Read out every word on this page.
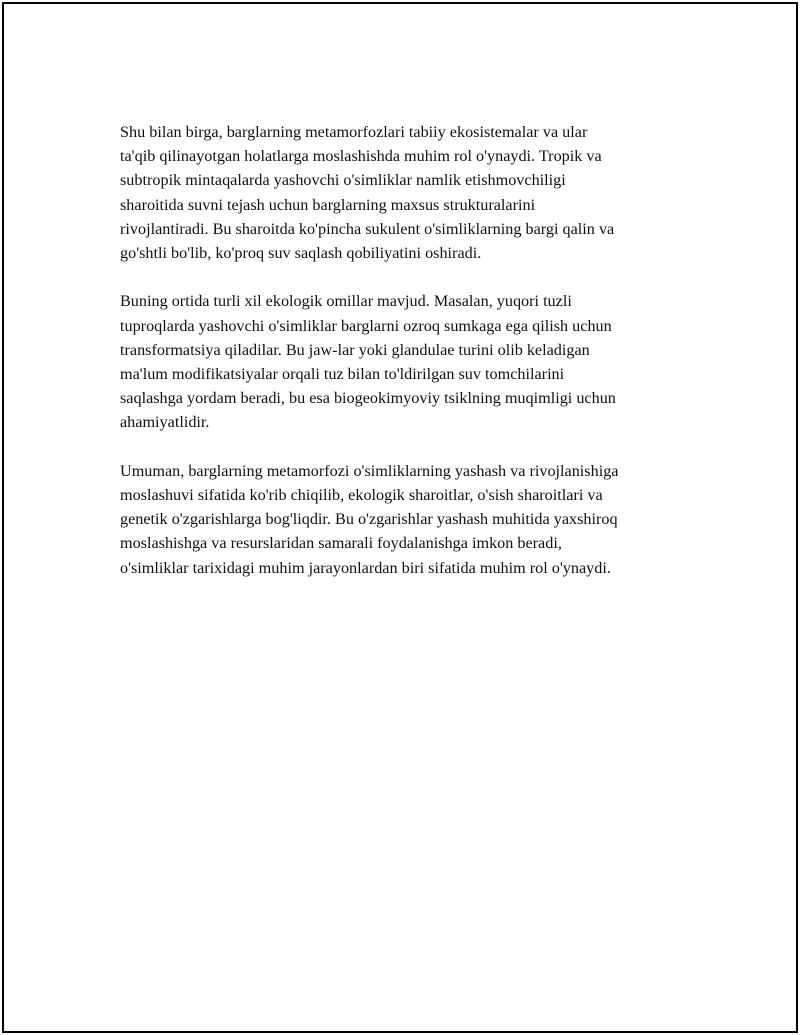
Shu bilan birga, barglarning metamorfozlari tabiiy ekosistemalar va ular
ta'qib qilinayotgan holatlarga moslashishda muhim rol o'ynaydi. Tropik va
subtropik mintaqalarda yashovchi o'simliklar namlik etishmovchiligi
sharoitida suvni tejash uchun barglarning maxsus strukturalarini
rivojlantiradi. Bu sharoitda ko'pincha sukulent o'simliklarning bargi qalin va
go'shtli bo'lib, ko'proq suv saqlash qobiliyatini oshiradi.

Buning ortida turli xil ekologik omillar mavjud. Masalan, yuqori tuzli
tuproqlarda yashovchi o'simliklar barglarni ozroq sumkaga ega qilish uchun
transformatsiya qiladilar. Bu jaw-lar yoki glandulae turini olib keladigan
ma'lum modifikatsiyalar orqali tuz bilan to'ldirilgan suv tomchilarini
saqlashga yordam beradi, bu esa biogeokimyoviy tsiklning muqimligi uchun
ahamiyatlidir.

Umuman, barglarning metamorfozi o'simliklarning yashash va rivojlanishiga
moslashuvi sifatida ko'rib chiqilib, ekologik sharoitlar, o'sish sharoitlari va
genetik o'zgarishlarga bog'liqdir. Bu o'zgarishlar yashash muhitida yaxshiroq
moslashishga va resurslaridan samarali foydalanishga imkon beradi,
o'simliklar tarixidagi muhim jarayonlardan biri sifatida muhim rol o'ynaydi.
